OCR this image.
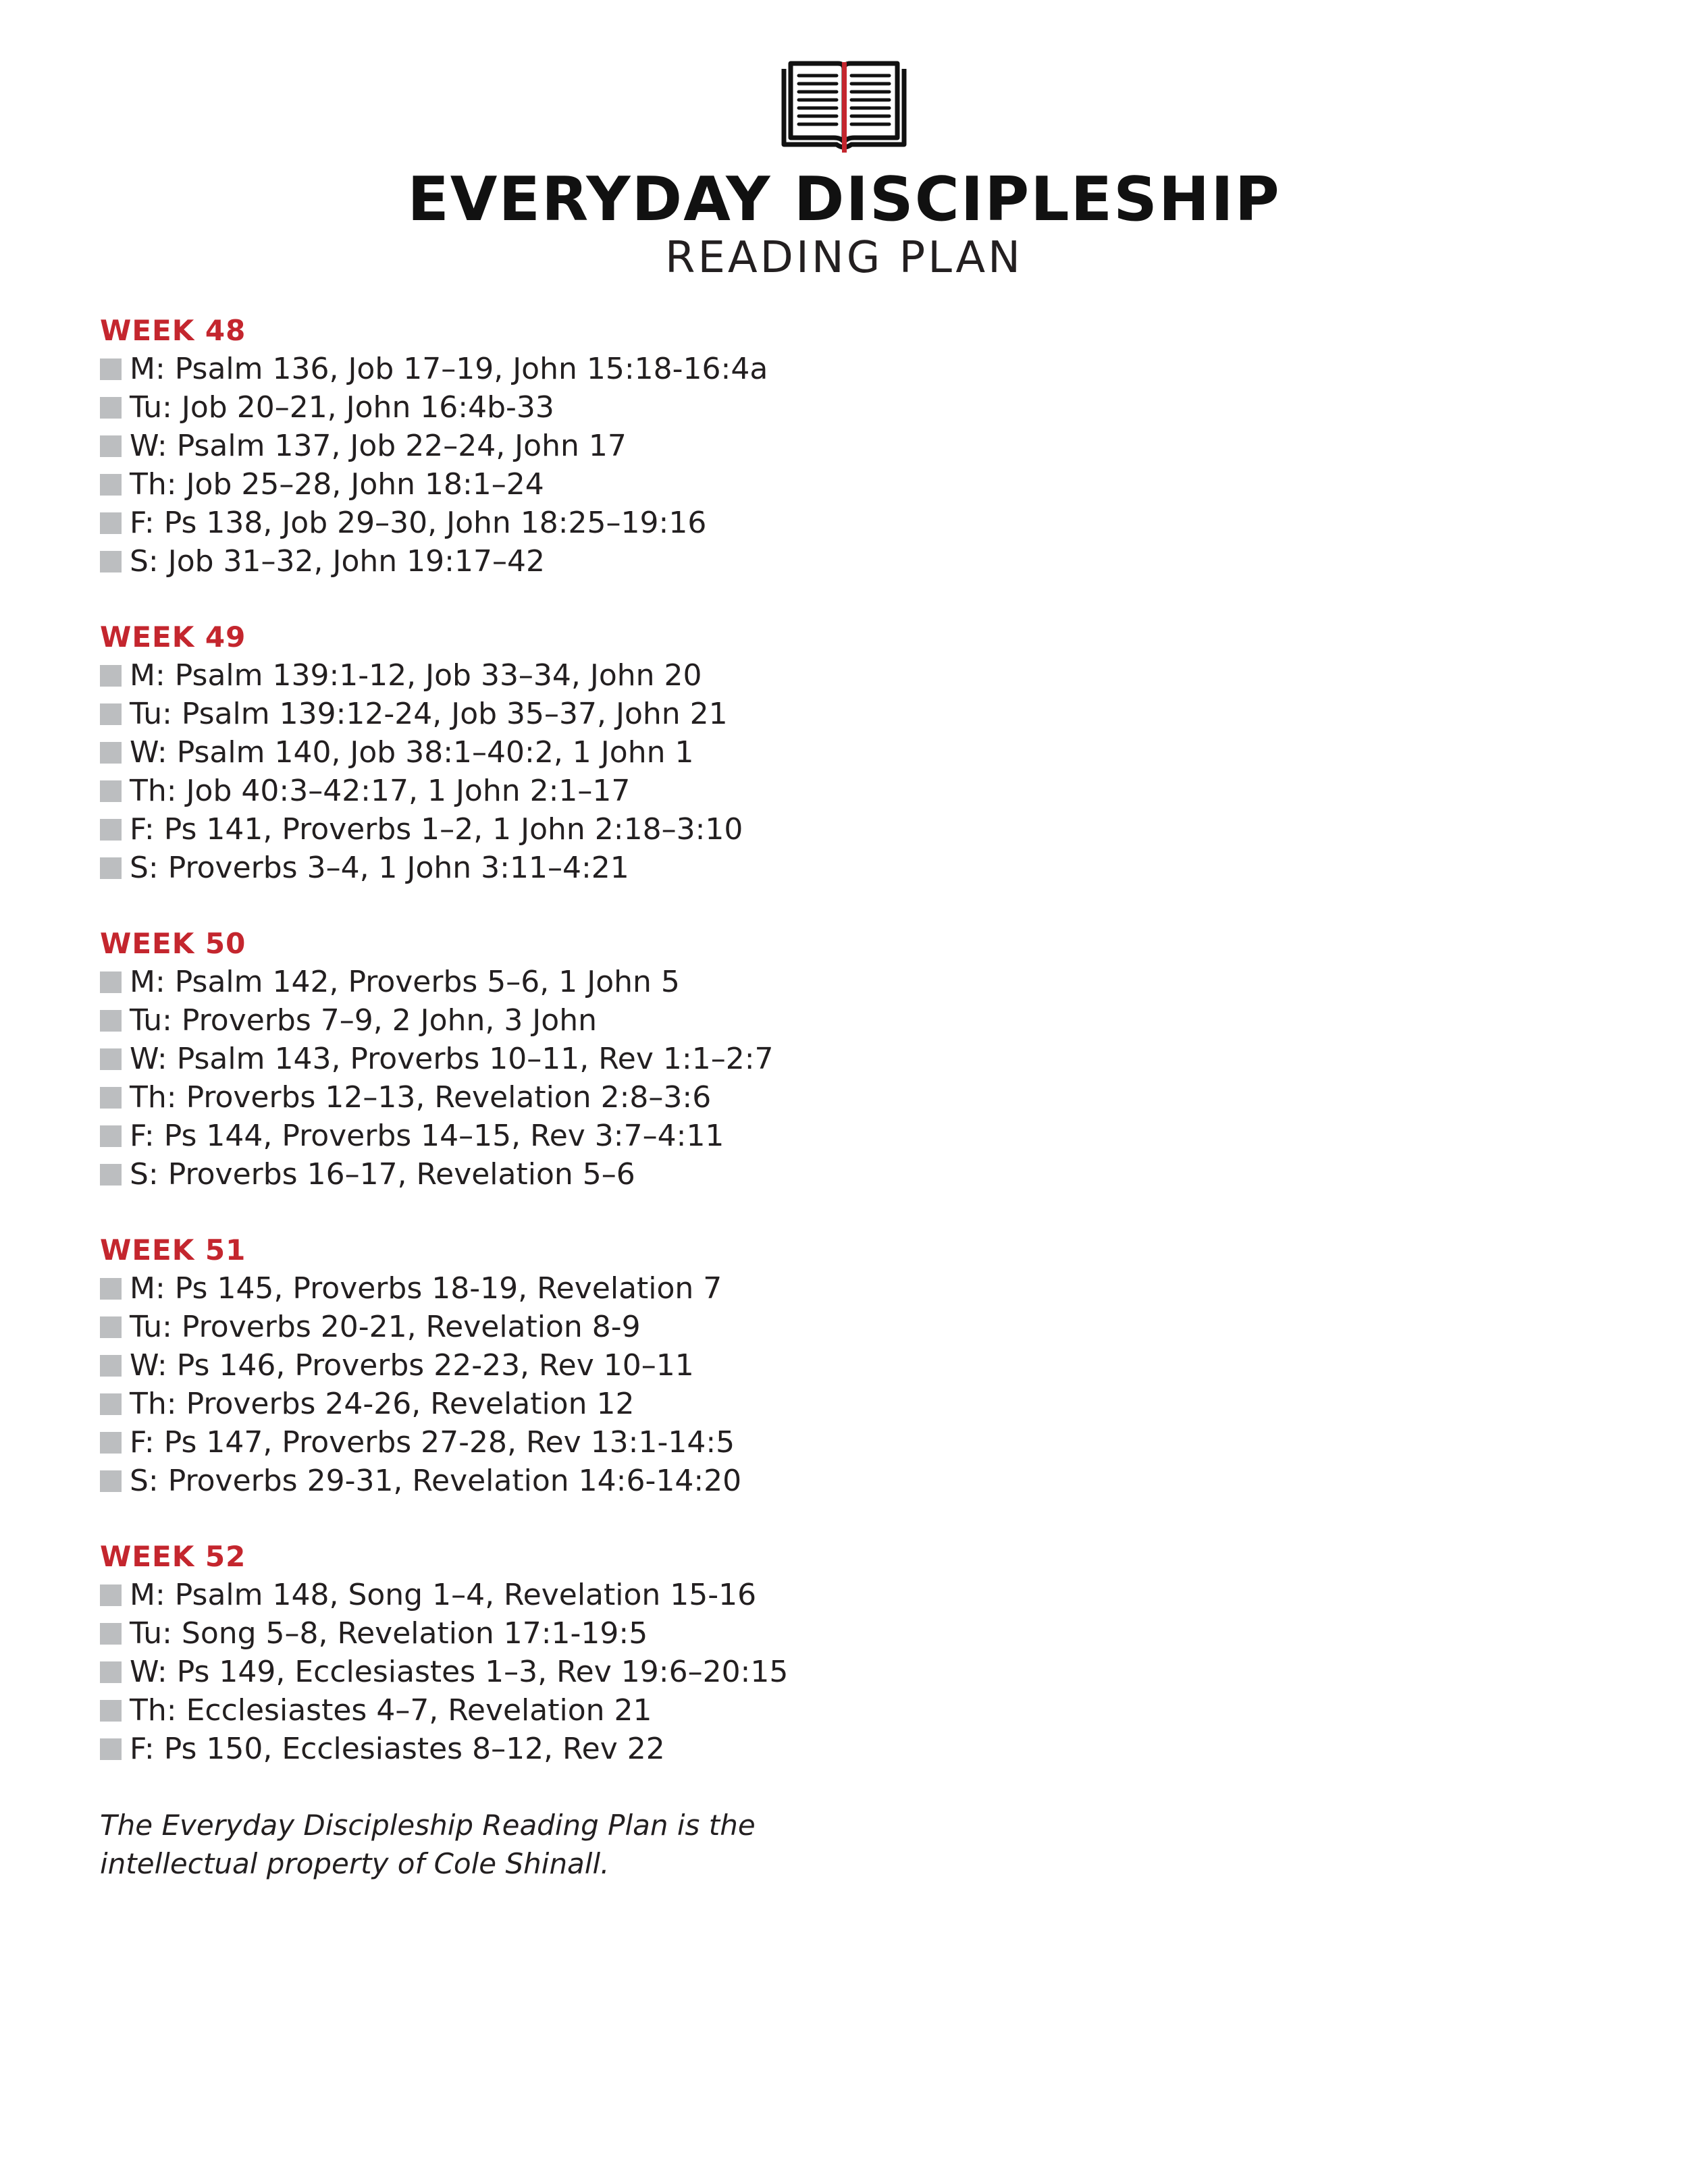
EVERYDAY DISCIPLESHIP
READING PLAN
WEEK 48
M: Psalm 136, Job 17–19, John 15:18-16:4a
Tu: Job 20–21, John 16:4b-33
W: Psalm 137, Job 22–24, John 17
Th: Job 25–28, John 18:1–24
F: Ps 138, Job 29–30, John 18:25–19:16
S: Job 31–32, John 19:17–42
WEEK 49
M: Psalm 139:1-12, Job 33–34, John 20
Tu: Psalm 139:12-24, Job 35–37, John 21
W: Psalm 140, Job 38:1–40:2, 1 John 1
Th: Job 40:3–42:17, 1 John 2:1–17
F: Ps 141, Proverbs 1–2, 1 John 2:18–3:10
S: Proverbs 3–4, 1 John 3:11–4:21
WEEK 50
M: Psalm 142, Proverbs 5–6, 1 John 5
Tu: Proverbs 7–9, 2 John, 3 John
W: Psalm 143, Proverbs 10–11, Rev 1:1–2:7
Th: Proverbs 12–13, Revelation 2:8–3:6
F: Ps 144, Proverbs 14–15, Rev 3:7–4:11
S: Proverbs 16–17, Revelation 5–6
WEEK 51
M: Ps 145, Proverbs 18-19, Revelation 7
Tu: Proverbs 20-21, Revelation 8-9
W: Ps 146, Proverbs 22-23, Rev 10–11
Th: Proverbs 24-26, Revelation 12
F: Ps 147, Proverbs 27-28, Rev 13:1-14:5
S: Proverbs 29-31, Revelation 14:6-14:20
WEEK 52
M: Psalm 148, Song 1–4, Revelation 15-16
Tu: Song 5–8, Revelation 17:1-19:5
W: Ps 149, Ecclesiastes 1–3, Rev 19:6–20:15
Th: Ecclesiastes 4–7, Revelation 21
F: Ps 150, Ecclesiastes 8–12, Rev 22
The Everyday Discipleship Reading Plan is the
intellectual property of Cole Shinall.
